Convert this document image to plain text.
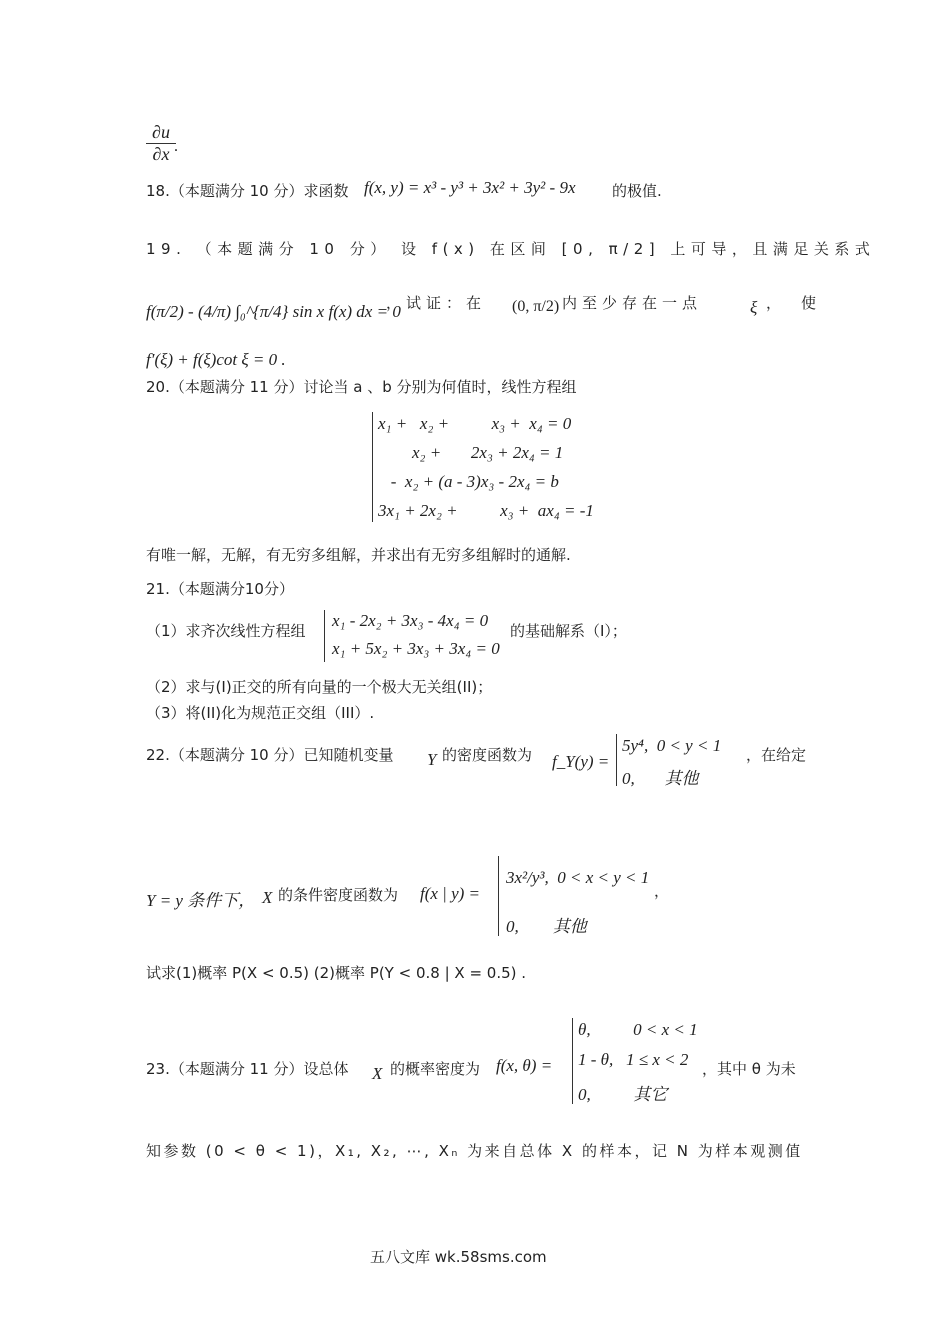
$\frac{\partial u}{\partial x}$
.
18.（本题满分 10 分）求函数 f(x, y) = x³ - y³ + 3x² + 3y² - 9x 的极值.
19. （本题满分 10 分） 设 f(x) 在区间 [0, π/2] 上可导，且满足关系式
f(π/2) - (4/π) ∫₀^{π/4} sin x f(x) dx = 0
，试证：在 (0, π/2) 内至少存在一点	ξ ，使
f′(ξ) + f(ξ)cot ξ = 0 .
20.（本题满分 11 分）讨论当 a 、b 分别为何值时，线性方程组
x₁ +   x₂ +          x₃ +  x₄ = 0
x₂ +       2x₃ + 2x₄ = 1
-  x₂ + (a - 3)x₃ - 2x₄ = b
3x₁ + 2x₂ +          x₃ +  ax₄ = -1
有唯一解，无解，有无穷多组解，并求出有无穷多组解时的通解.
21.（本题满分10分）
（1）求齐次线性方程组
x₁ - 2x₂ + 3x₃ - 4x₄ = 0
x₁ + 5x₂ + 3x₃ + 3x₄ = 0
的基础解系（I）；
（2）求与(I)正交的所有向量的一个极大无关组(II)；
（3）将(II)化为规范正交组（III）.
22.（本题满分 10 分）已知随机变量 Y 的密度函数为 f_Y(y) =
5y⁴,  0 < y < 1
0,       其他
，在给定
Y = y 条件下， X 的条件密度函数为 f(x | y) =
3x²/y³,  0 < x < y < 1
0,        其他
，
试求(1)概率 P(X < 0.5) (2)概率 P(Y < 0.8 | X = 0.5) .
23.（本题满分 11 分）设总体 X 的概率密度为 f(x, θ) =
θ,          0 < x < 1
1 - θ,   1 ≤ x < 2
0,          其它
，其中 θ 为未
知参数 (0 < θ < 1)，X₁, X₂, ⋯, Xₙ 为来自总体 X 的样本，记 N 为样本观测值
五八文库 wk.58sms.com
